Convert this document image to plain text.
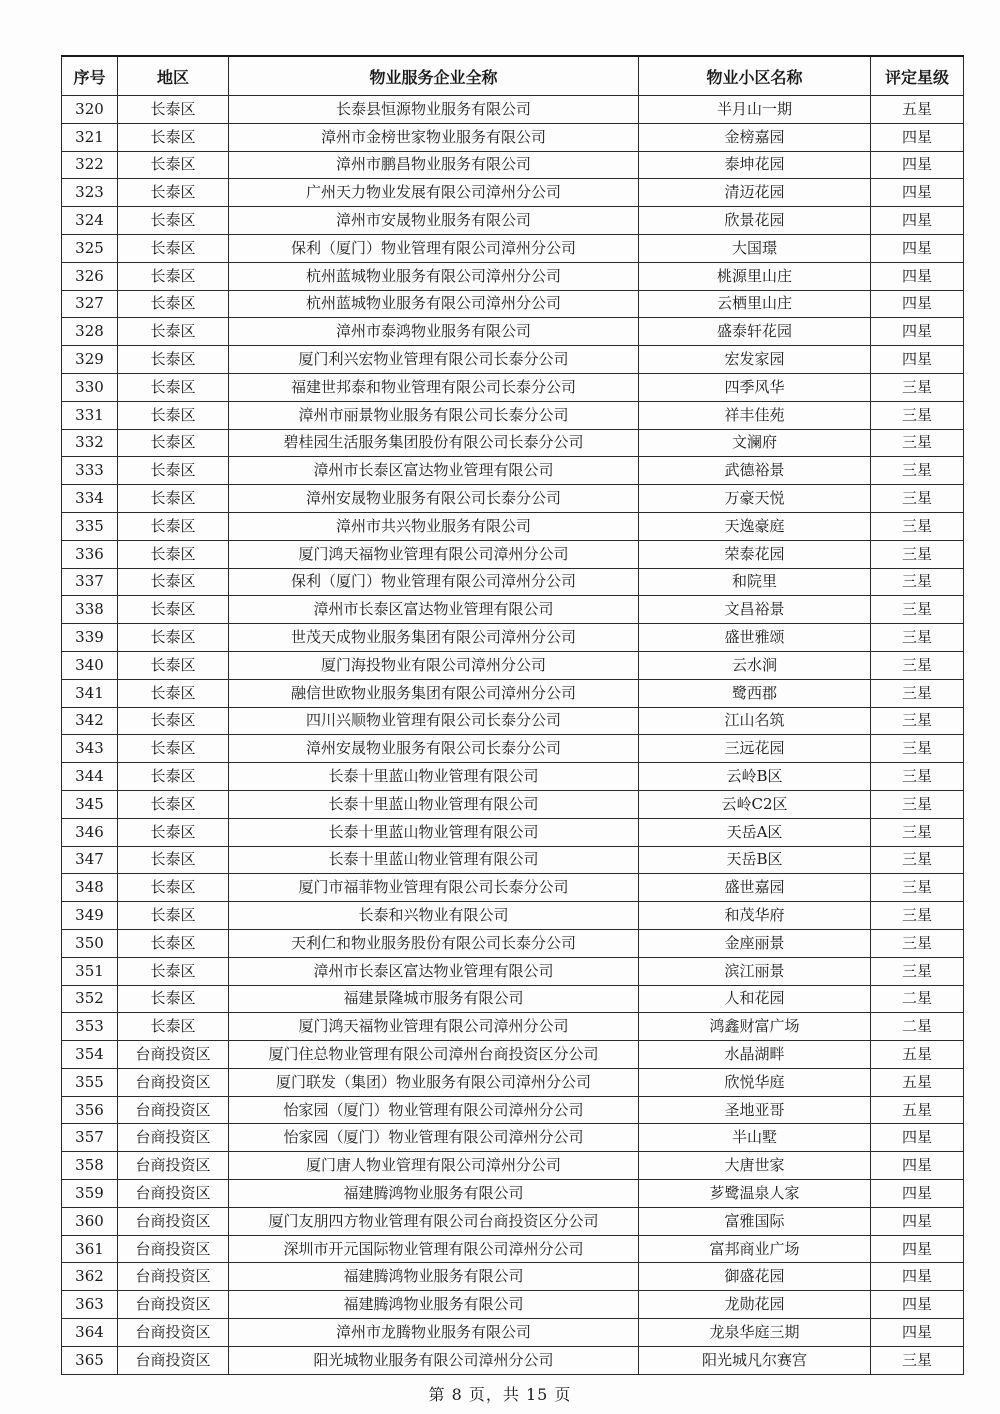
序号	地区	物业服务企业全称	物业小区名称	评定星级
320	长泰区	长泰县恒源物业服务有限公司	半月山一期	五星
321	长泰区	漳州市金榜世家物业服务有限公司	金榜嘉园	四星
322	长泰区	漳州市鹏昌物业服务有限公司	泰坤花园	四星
323	长泰区	广州天力物业发展有限公司漳州分公司	清迈花园	四星
324	长泰区	漳州市安晟物业服务有限公司	欣景花园	四星
325	长泰区	保利（厦门）物业管理有限公司漳州分公司	大国璟	四星
326	长泰区	杭州蓝城物业服务有限公司漳州分公司	桃源里山庄	四星
327	长泰区	杭州蓝城物业服务有限公司漳州分公司	云栖里山庄	四星
328	长泰区	漳州市泰鸿物业服务有限公司	盛泰轩花园	四星
329	长泰区	厦门利兴宏物业管理有限公司长泰分公司	宏发家园	四星
330	长泰区	福建世邦泰和物业管理有限公司长泰分公司	四季风华	三星
331	长泰区	漳州市丽景物业服务有限公司长泰分公司	祥丰佳苑	三星
332	长泰区	碧桂园生活服务集团股份有限公司长泰分公司	文澜府	三星
333	长泰区	漳州市长泰区富达物业管理有限公司	武德裕景	三星
334	长泰区	漳州安晟物业服务有限公司长泰分公司	万豪天悦	三星
335	长泰区	漳州市共兴物业服务有限公司	天逸豪庭	三星
336	长泰区	厦门鸿天福物业管理有限公司漳州分公司	荣泰花园	三星
337	长泰区	保利（厦门）物业管理有限公司漳州分公司	和院里	三星
338	长泰区	漳州市长泰区富达物业管理有限公司	文昌裕景	三星
339	长泰区	世茂天成物业服务集团有限公司漳州分公司	盛世雅颂	三星
340	长泰区	厦门海投物业有限公司漳州分公司	云水涧	三星
341	长泰区	融信世欧物业服务集团有限公司漳州分公司	鹭西郡	三星
342	长泰区	四川兴顺物业管理有限公司长泰分公司	江山名筑	三星
343	长泰区	漳州安晟物业服务有限公司长泰分公司	三远花园	三星
344	长泰区	长泰十里蓝山物业管理有限公司	云岭B区	三星
345	长泰区	长泰十里蓝山物业管理有限公司	云岭C2区	三星
346	长泰区	长泰十里蓝山物业管理有限公司	天岳A区	三星
347	长泰区	长泰十里蓝山物业管理有限公司	天岳B区	三星
348	长泰区	厦门市福菲物业管理有限公司长泰分公司	盛世嘉园	三星
349	长泰区	长泰和兴物业有限公司	和茂华府	三星
350	长泰区	天利仁和物业服务股份有限公司长泰分公司	金座丽景	三星
351	长泰区	漳州市长泰区富达物业管理有限公司	滨江丽景	三星
352	长泰区	福建景隆城市服务有限公司	人和花园	二星
353	长泰区	厦门鸿天福物业管理有限公司漳州分公司	鸿鑫财富广场	二星
354	台商投资区	厦门住总物业管理有限公司漳州台商投资区分公司	水晶湖畔	五星
355	台商投资区	厦门联发（集团）物业服务有限公司漳州分公司	欣悦华庭	五星
356	台商投资区	怡家园（厦门）物业管理有限公司漳州分公司	圣地亚哥	五星
357	台商投资区	怡家园（厦门）物业管理有限公司漳州分公司	半山墅	四星
358	台商投资区	厦门唐人物业管理有限公司漳州分公司	大唐世家	四星
359	台商投资区	福建腾鸿物业服务有限公司	芗鹭温泉人家	四星
360	台商投资区	厦门友朋四方物业管理有限公司台商投资区分公司	富雅国际	四星
361	台商投资区	深圳市开元国际物业管理有限公司漳州分公司	富邦商业广场	四星
362	台商投资区	福建腾鸿物业服务有限公司	御盛花园	四星
363	台商投资区	福建腾鸿物业服务有限公司	龙勋花园	四星
364	台商投资区	漳州市龙腾物业服务有限公司	龙泉华庭三期	四星
365	台商投资区	阳光城物业服务有限公司漳州分公司	阳光城凡尔赛宫	三星
第 8 页，共 15 页
